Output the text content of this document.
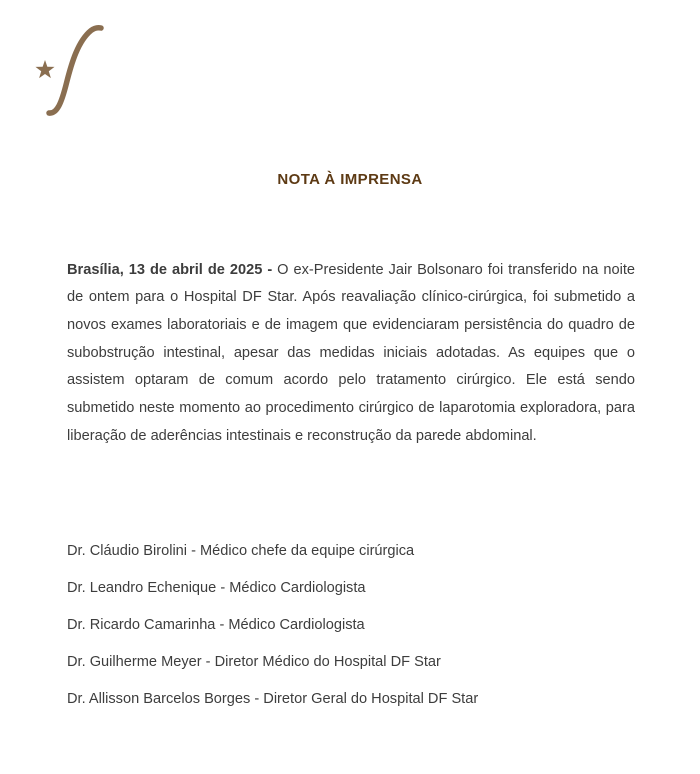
NOTA À IMPRENSA

Brasília, 13 de abril de 2025 - O ex-Presidente Jair Bolsonaro foi transferido na noite de ontem para o Hospital DF Star. Após reavaliação clínico-cirúrgica, foi submetido a novos exames laboratoriais e de imagem que evidenciaram persistência do quadro de subobstrução intestinal, apesar das medidas iniciais adotadas. As equipes que o assistem optaram de comum acordo pelo tratamento cirúrgico. Ele está sendo submetido neste momento ao procedimento cirúrgico de laparotomia exploradora, para liberação de aderências intestinais e reconstrução da parede abdominal.

Dr. Cláudio Birolini - Médico chefe da equipe cirúrgica
Dr. Leandro Echenique - Médico Cardiologista
Dr. Ricardo Camarinha - Médico Cardiologista
Dr. Guilherme Meyer - Diretor Médico do Hospital DF Star
Dr. Allisson Barcelos Borges - Diretor Geral do Hospital DF Star
